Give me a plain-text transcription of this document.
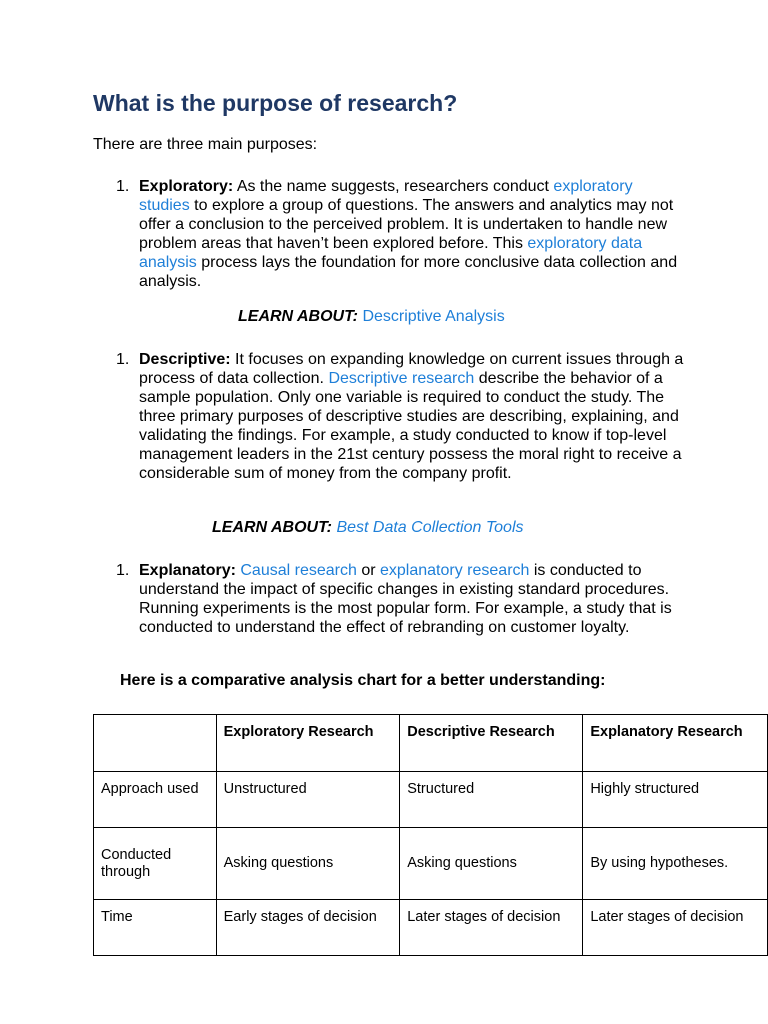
What is the purpose of research?

There are three main purposes:

1. Exploratory: As the name suggests, researchers conduct exploratory studies to explore a group of questions. The answers and analytics may not offer a conclusion to the perceived problem. It is undertaken to handle new problem areas that haven’t been explored before. This exploratory data analysis process lays the foundation for more conclusive data collection and analysis.
LEARN ABOUT: Descriptive Analysis
1. Descriptive: It focuses on expanding knowledge on current issues through a process of data collection. Descriptive research describe the behavior of a sample population. Only one variable is required to conduct the study. The three primary purposes of descriptive studies are describing, explaining, and validating the findings. For example, a study conducted to know if top-level management leaders in the 21st century possess the moral right to receive a considerable sum of money from the company profit.
LEARN ABOUT: Best Data Collection Tools
1. Explanatory: Causal research or explanatory research is conducted to understand the impact of specific changes in existing standard procedures. Running experiments is the most popular form. For example, a study that is conducted to understand the effect of rebranding on customer loyalty.
Here is a comparative analysis chart for a better understanding:
	Exploratory Research	Descriptive Research	Explanatory Research
Approach used	Unstructured	Structured	Highly structured
Conducted through	Asking questions	Asking questions	By using hypotheses.
Time	Early stages of decision	Later stages of decision	Later stages of decision
